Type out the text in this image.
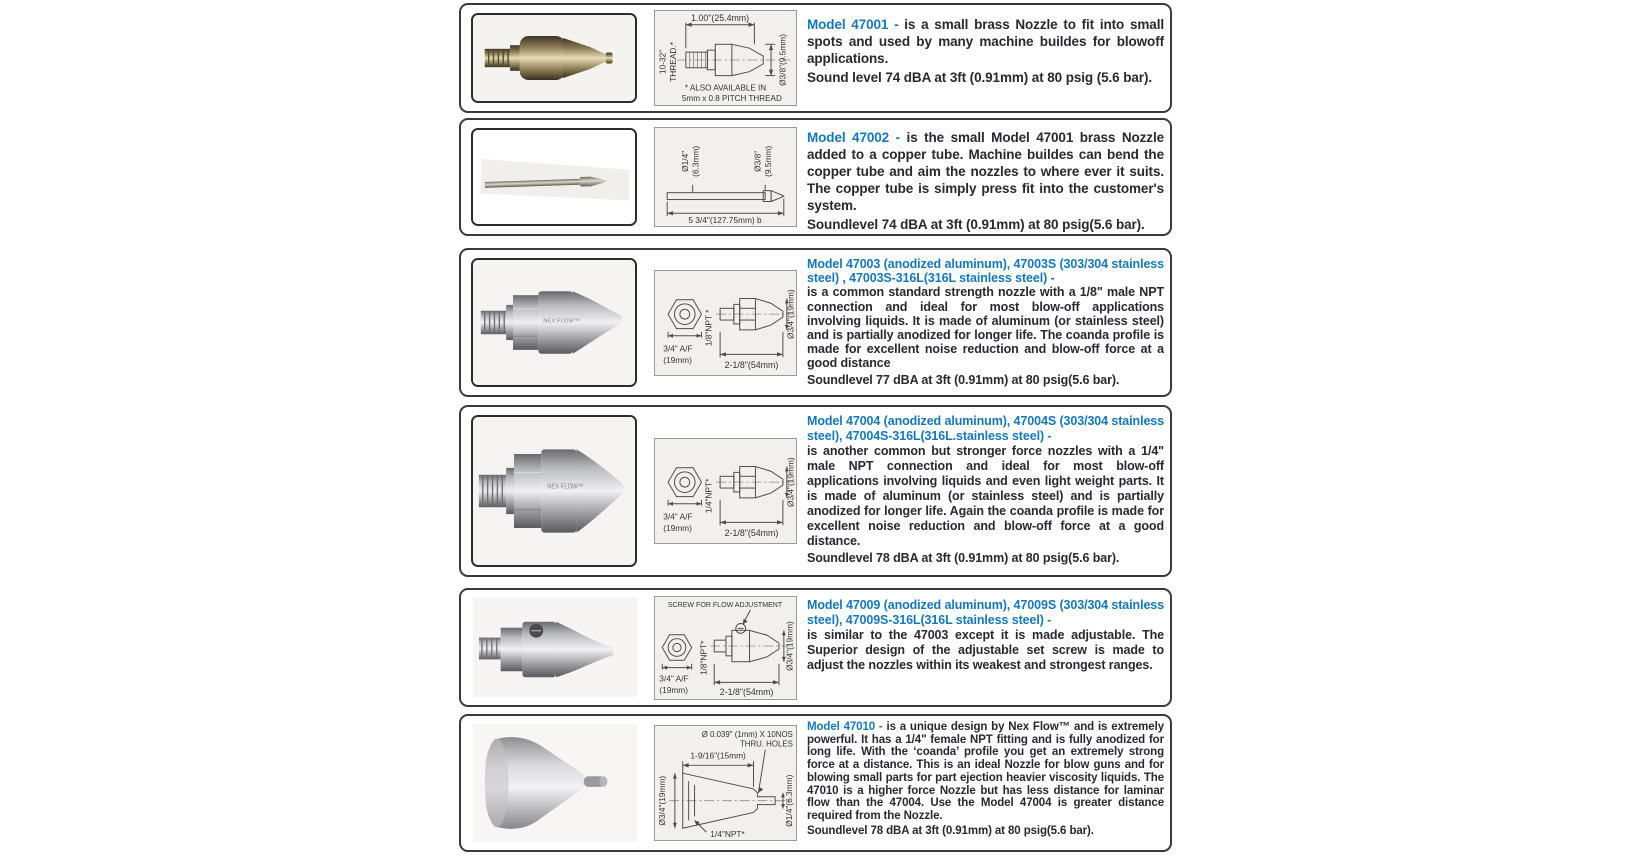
1.00"(25.4mm)
Ø3/8"(9.5mm)
10-32" THREAD.*
* ALSO AVAILABLE IN
5mm x 0.8 PITCH THREAD

Model 47001 - is a small brass Nozzle to fit into small spots and used by many machine buildes for blowoff applications.

Sound level 74 dBA at 3ft (0.91mm) at 80 psig (5.6 bar).

Ø1/4" (6.3mm)	Ø3/8" (9.5mm)
5 3/4"(127.75mm) b

Model 47002 - is the small Model 47001 brass Nozzle added to a copper tube. Machine buildes can bend the copper tube and aim the nozzles to where ever it suits. The copper tube is simply press fit into the customer's system.

Soundlevel 74 dBA at 3ft (0.91mm) at 80 psig(5.6 bar).

NEX FLOW™
3/4" A/F
(19mm)
1/8"NPT *	Ø3/4"(19mm)
2-1/8"(54mm)

Model 47003 (anodized aluminum), 47003S (303/304 stainless steel) , 47003S-316L(316L stainless steel) -

is a common standard strength nozzle with a 1/8" male NPT connection and ideal for most blow-off applications involving liquids. It is made of aluminum (or stainless steel) and is partially anodized for longer life. The coanda profile is made for excellent noise reduction and blow-off force at a good distance

Soundlevel 77 dBA at 3ft (0.91mm) at 80 psig(5.6 bar).

NEX FLOW™
3/4" A/F
(19mm)
1/4"NPT*	Ø3/4"(19mm)
2-1/8"(54mm)

Model 47004 (anodized aluminum), 47004S (303/304 stainless steel), 47004S-316L(316L.stainless steel) -

is another common but stronger force nozzles with a 1/4" male NPT connection and ideal for most blow-off applications involving liquids and even light weight parts. It is made of aluminum (or stainless steel) and is partially anodized for longer life. Again the coanda profile is made for excellent noise reduction and blow-off force at a good distance.

Soundlevel 78 dBA at 3ft (0.91mm) at 80 psig(5.6 bar).

SCREW FOR FLOW ADJUSTMENT
3/4" A/F
(19mm)
1/8"NPT*	Ø3/4"(19mm)
2-1/8"(54mm)

Model 47009 (anodized aluminum), 47009S (303/304 stainless steel), 47009S-316L(316L stainless steel) -

is similar to the 47003 except it is made adjustable. The Superior design of the adjustable set screw is made to adjust the nozzles within its weakest and strongest ranges.

Ø 0.039" (1mm) X 10NOS
THRU. HOLES
1-9/16"(15mm)
Ø3/4"(19mm)	Ø1/4"(6.3mm)
1/4"NPT*

Model 47010 - is a unique design by Nex Flow™ and is extremely powerful. It has a 1/4" female NPT fitting and is fully anodized for long life. With the ‘coanda’ profile you get an extremely strong force at a distance. This is an ideal Nozzle for blow guns and for blowing small parts for part ejection heavier viscosity liquids. The 47010 is a higher force Nozzle but has less distance for laminar flow than the 47004. Use the Model 47004 is greater distance required from the Nozzle.

Soundlevel 78 dBA at 3ft (0.91mm) at 80 psig(5.6 bar).
